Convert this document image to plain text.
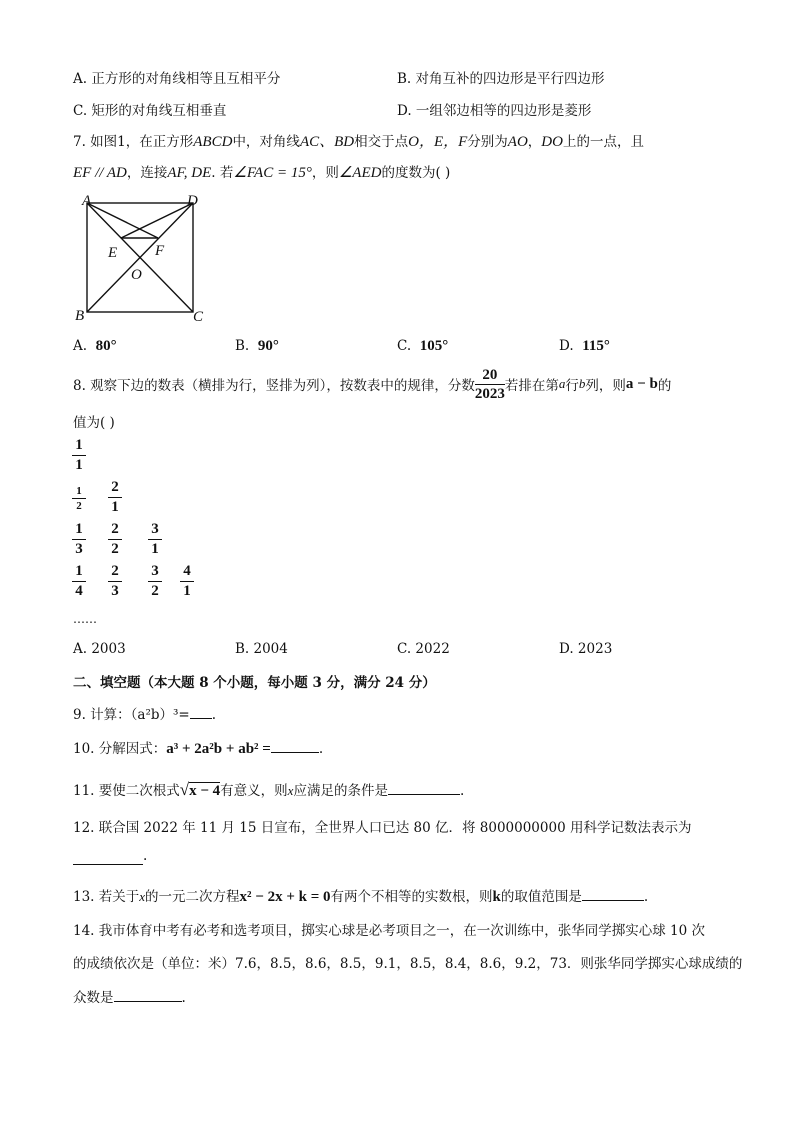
A. 正方形的对角线相等且互相平分	B. 对角互补的四边形是平行四边形
C. 矩形的对角线互相垂直	D. 一组邻边相等的四边形是菱形
7. 如图1，在正方形ABCD中，对角线AC、BD相交于点O，E，F分别为AO，DO上的一点，且
EF // AD，连接AF, DE. 若∠FAC = 15°，则∠AED的度数为( )
A	D
B	C
E	F
O
A. 80°	B. 90°	C. 105°	D. 115°
8. 观察下边的数表（横排为行，竖排为列），按数表中的规律，分数 $\frac{20}{2023}$ 若排在第 a 行 b 列，则 a − b 的
值为( )
$\frac{1}{1}$
$\frac{1}{2} \frac{2}{1}$
$\frac{1}{3} \frac{2}{2} \frac{3}{1}$
$\frac{1}{4} \frac{2}{3} \frac{3}{2} \frac{4}{1}$
……
A. 2003	B. 2004	C. 2022	D. 2023
二、填空题（本大题 8 个小题，每小题 3 分，满分 24 分）
9. 计算：（a²b）³= .
10. 分解因式：a³ + 2a²b + ab² =	.
11. 要使二次根式√x − 4有意义，则x应满足的条件是	.
12. 联合国 2022 年 11 月 15 日宣布，全世界人口已达 80 亿．将 8000000000 用科学记数法表示为
.
13. 若关于x的一元二次方程x² − 2x + k = 0有两个不相等的实数根，则k的取值范围是	.
14. 我市体育中考有必考和选考项目，掷实心球是必考项目之一，在一次训练中，张华同学掷实心球 10 次
的成绩依次是（单位：米）7.6，8.5，8.6，8.5，9.1，8.5，8.4，8.6，9.2，73．则张华同学掷实心球成绩的
众数是	.
